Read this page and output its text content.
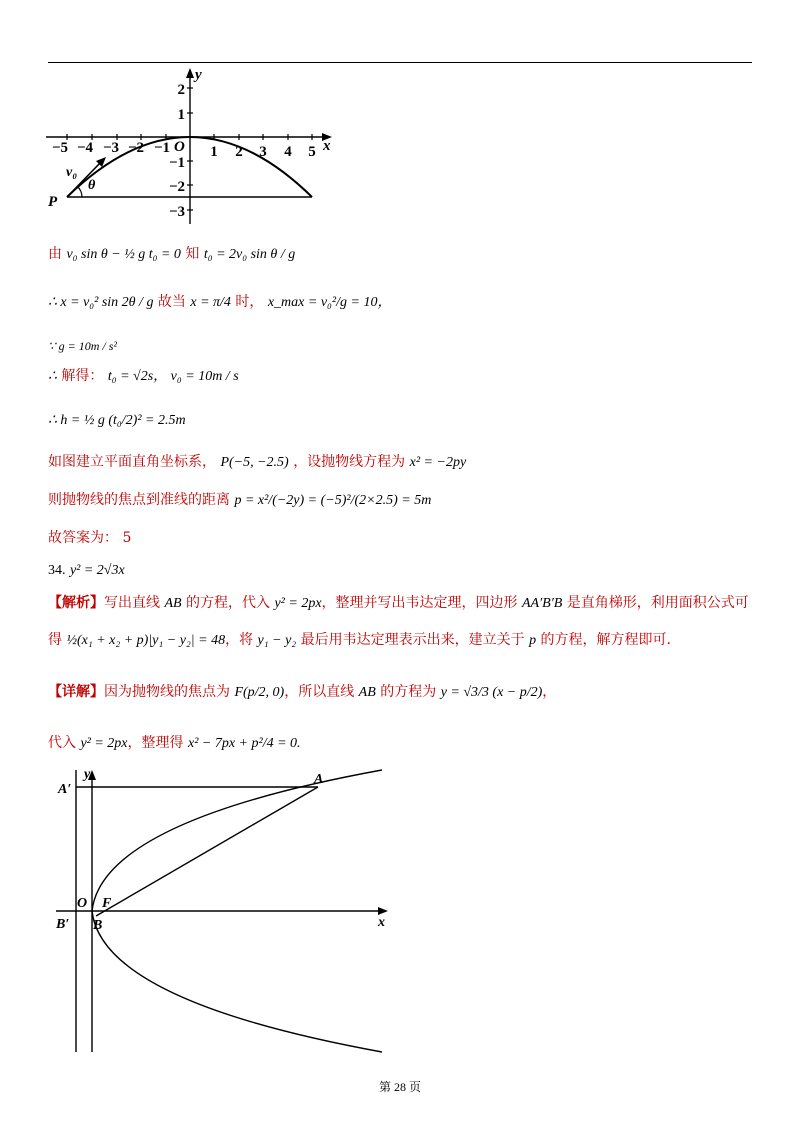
x
y
O
P
v₀
θ
−5 −4 −3 −2 −1	1 2 3 4 5
2
1
−1
−2
−3
由 v₀ sin θ − ½ g t₀ = 0 知 t₀ = 2v₀ sin θ / g
∴ x = v₀² sin 2θ / g 故当 x = π/4 时， x_max = v₀²/g = 10，
∵ g = 10m / s²
∴ 解得： t₀ = √2s， v₀ = 10m / s
∴ h = ½ g (t₀/2)² = 2.5m
如图建立平面直角坐标系， P(−5, −2.5) ，设抛物线方程为 x² = −2py
则抛物线的焦点到准线的距离 p = x²/(−2y) = (−5)²/(2×2.5) = 5m
故答案为： 5
34. y² = 2√3x
【解析】写出直线 AB 的方程，代入 y² = 2px，整理并写出韦达定理，四边形 AA′B′B 是直角梯形，利用面积公式可
得 ½(x₁ + x₂ + p)|y₁ − y₂| = 48，将 y₁ − y₂ 最后用韦达定理表示出来，建立关于 p 的方程，解方程即可.
【详解】因为抛物线的焦点为 F(p/2, 0)，所以直线 AB 的方程为 y = √3/3 (x − p/2)，
代入 y² = 2px，整理得 x² − 7px + p²/4 = 0.
A′
A
y
O F
B′ B	x
第 28 页
